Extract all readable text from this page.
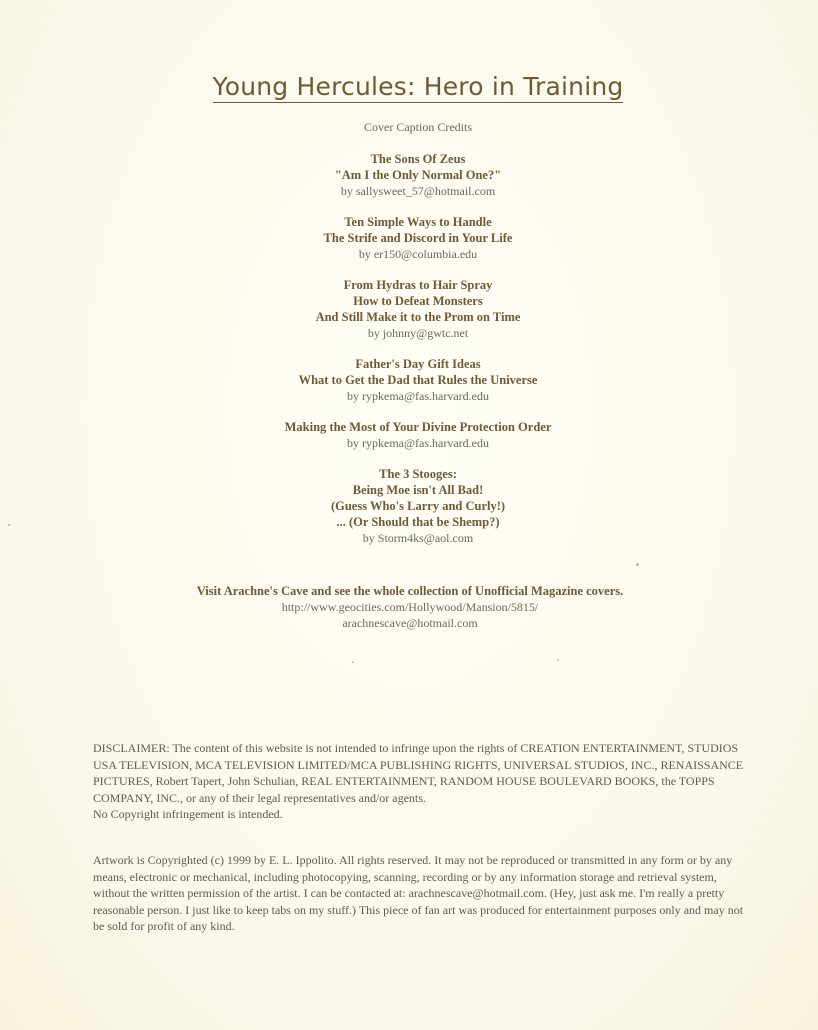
Young Hercules: Hero in Training
Cover Caption Credits
The Sons Of Zeus
"Am I the Only Normal One?"
by sallysweet_57@hotmail.com
Ten Simple Ways to Handle
The Strife and Discord in Your Life
by er150@columbia.edu
From Hydras to Hair Spray
How to Defeat Monsters
And Still Make it to the Prom on Time
by johnny@gwtc.net
Father's Day Gift Ideas
What to Get the Dad that Rules the Universe
by rypkema@fas.harvard.edu
Making the Most of Your Divine Protection Order
by rypkema@fas.harvard.edu
The 3 Stooges:
Being Moe isn't All Bad!
(Guess Who's Larry and Curly!)
... (Or Should that be Shemp?)
by Storm4ks@aol.com
Visit Arachne's Cave and see the whole collection of Unofficial Magazine covers.
http://www.geocities.com/Hollywood/Mansion/5815/
arachnescave@hotmail.com
DISCLAIMER: The content of this website is not intended to infringe upon the rights of CREATION ENTERTAINMENT, STUDIOS USA TELEVISION, MCA TELEVISION LIMITED/MCA PUBLISHING RIGHTS, UNIVERSAL STUDIOS, INC., RENAISSANCE PICTURES, Robert Tapert, John Schulian, REAL ENTERTAINMENT, RANDOM HOUSE BOULEVARD BOOKS, the TOPPS COMPANY, INC., or any of their legal representatives and/or agents.
No Copyright infringement is intended.
Artwork is Copyrighted (c) 1999 by E. L. Ippolito. All rights reserved. It may not be reproduced or transmitted in any form or by any means, electronic or mechanical, including photocopying, scanning, recording or by any information storage and retrieval system, without the written permission of the artist. I can be contacted at: arachnescave@hotmail.com. (Hey, just ask me. I'm really a pretty reasonable person. I just like to keep tabs on my stuff.) This piece of fan art was produced for entertainment purposes only and may not be sold for profit of any kind.
